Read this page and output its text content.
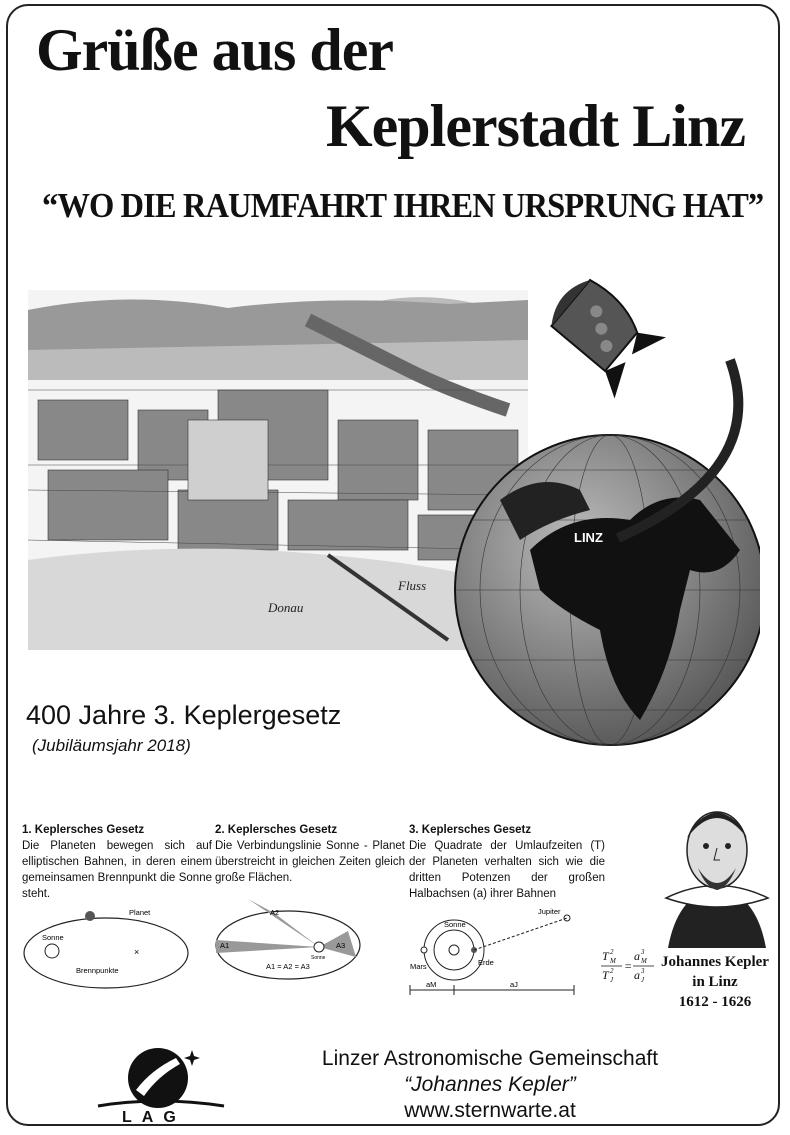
Grüße aus der
Keplerstadt Linz
“WO DIE RAUMFAHRT IHREN URSPRUNG HAT”
Donau
Fluss
LINZ
400 Jahre 3. Keplergesetz
(Jubiläumsjahr 2018)
1. Keplersches Gesetz

Die Planeten bewegen sich auf elliptischen Bahnen, in deren einem gemeinsamen Brennpunkt die Sonne steht.

2. Keplersches Gesetz

Die Verbindungslinie Sonne - Planet überstreicht in gleichen Zeiten gleich große Flächen.

3. Keplersches Gesetz

Die Quadrate der Umlaufzeiten (T) der Planeten verhalten sich wie die dritten Potenzen der großen Halbachsen (a) ihrer Bahnen

Planet
Sonne
×
Brennpunkte
A2
A1	A3
Sonne
A1 = A2 = A3
Sonne
Erde
Mars
Jupiter
aM	aJ
T 2
M
T 2
J
=
a 3
M
a 3
J
Johannes Kepler
in Linz
1612 - 1626
LAG
Linzer Astronomische Gemeinschaft
“Johannes Kepler”
www.sternwarte.at
